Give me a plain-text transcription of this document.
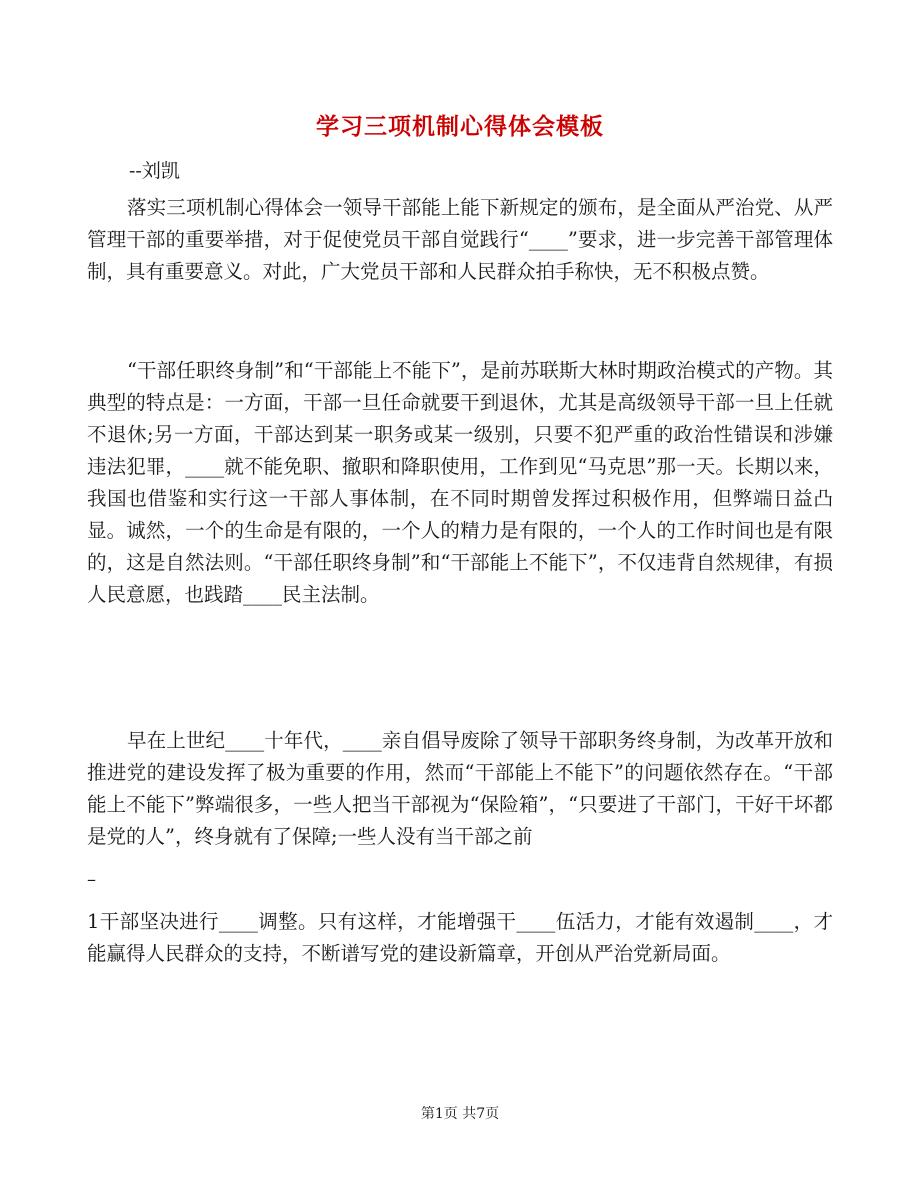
学习三项机制心得体会模板
--刘凯

落实三项机制心得体会一领导干部能上能下新规定的颁布，是全面从严治党、从严管理干部的重要举措，对于促使党员干部自觉践行“____”要求，进一步完善干部管理体制，具有重要意义。对此，广大党员干部和人民群众拍手称快，无不积极点赞。

“干部任职终身制”和“干部能上不能下”，是前苏联斯大林时期政治模式的产物。其典型的特点是：一方面，干部一旦任命就要干到退休，尤其是高级领导干部一旦上任就不退休;另一方面，干部达到某一职务或某一级别，只要不犯严重的政治性错误和涉嫌违法犯罪，____就不能免职、撤职和降职使用，工作到见“马克思”那一天。长期以来，我国也借鉴和实行这一干部人事体制，在不同时期曾发挥过积极作用，但弊端日益凸显。诚然，一个的生命是有限的，一个人的精力是有限的，一个人的工作时间也是有限的，这是自然法则。“干部任职终身制”和“干部能上不能下”，不仅违背自然规律，有损人民意愿，也践踏____民主法制。

早在上世纪____十年代，____亲自倡导废除了领导干部职务终身制，为改革开放和推进党的建设发挥了极为重要的作用，然而“干部能上不能下”的问题依然存在。“干部能上不能下”弊端很多，一些人把当干部视为“保险箱”，“只要进了干部门，干好干坏都是党的人”，终身就有了保障;一些人没有当干部之前

–

1干部坚决进行____调整。只有这样，才能增强干____伍活力，才能有效遏制____，才能赢得人民群众的支持，不断谱写党的建设新篇章，开创从严治党新局面。

第1页 共7页
